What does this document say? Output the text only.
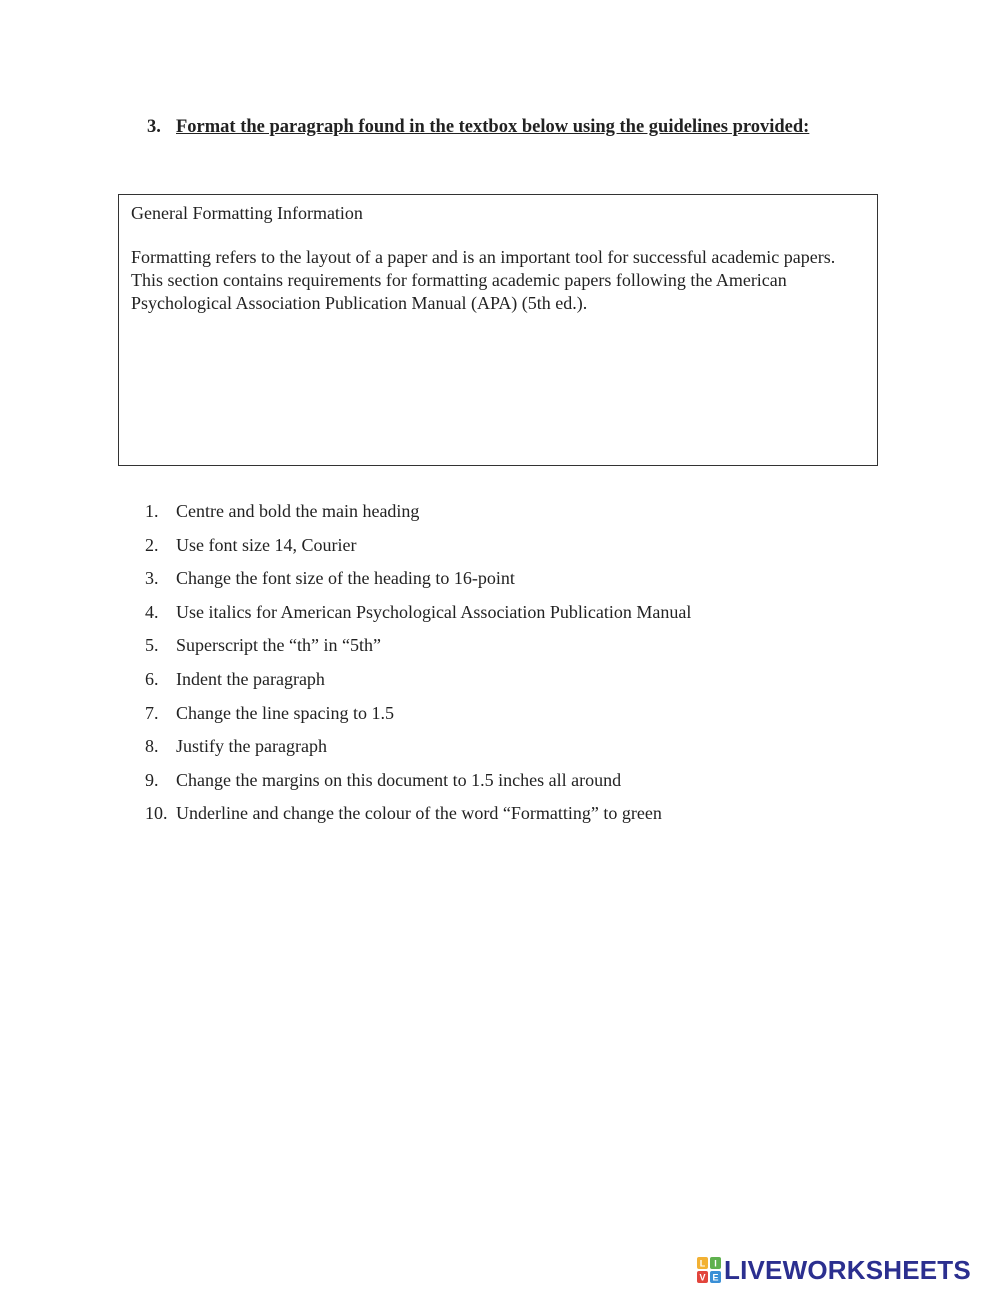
3. Format the paragraph found in the textbox below using the guidelines provided:

General Formatting Information

Formatting refers to the layout of a paper and is an important tool for successful academic papers. This section contains requirements for formatting academic papers following the American Psychological Association Publication Manual (APA) (5th ed.).

1. Centre and bold the main heading
2. Use font size 14, Courier
3. Change the font size of the heading to 16-point
4. Use italics for American Psychological Association Publication Manual
5. Superscript the “th” in “5th”
6. Indent the paragraph
7. Change the line spacing to 1.5
8. Justify the paragraph
9. Change the margins on this document to 1.5 inches all around
10. Underline and change the colour of the word “Formatting” to green
L I
V E LIVEWORKSHEETS
